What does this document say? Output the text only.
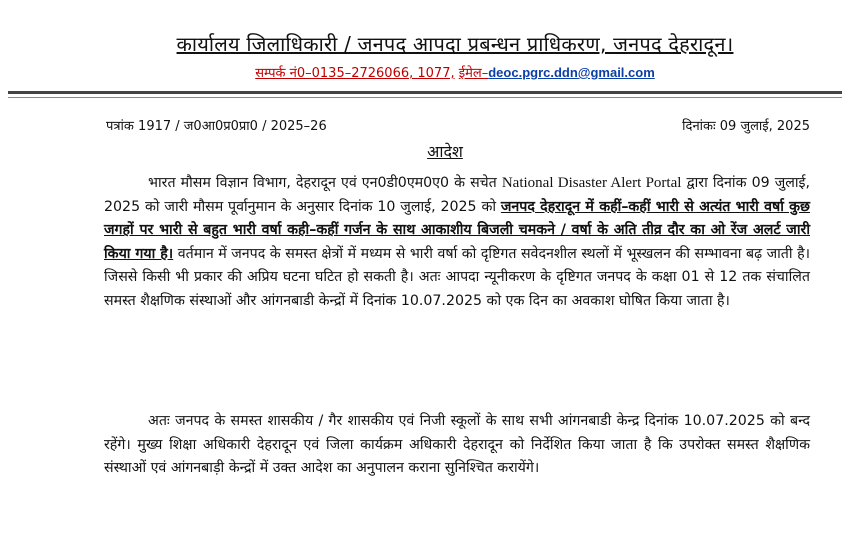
कार्यालय जिलाधिकारी / जनपद आपदा प्रबन्धन प्राधिकरण, जनपद देहरादून।
सम्पर्क नं0–0135–2726066, 1077, ईमेल–deoc.pgrc.ddn@gmail.com
पत्रांक 1917 / ज0आ0प्र0प्रा0 / 2025–26	दिनांकः 09 जुलाई, 2025
आदेश
भारत मौसम विज्ञान विभाग, देहरादून एवं एन0डी0एम0ए0 के सचेत National Disaster Alert Portal द्वारा दिनांक 09 जुलाई, 2025 को जारी मौसम पूर्वानुमान के अनुसार दिनांक 10 जुलाई, 2025 को जनपद देहरादून में कहीं–कहीं भारी से अत्यंत भारी वर्षा कुछ जगहों पर भारी से बहुत भारी वर्षा कही–कहीं गर्जन के साथ आकाशीय बिजली चमकने / वर्षा के अति तीव्र दौर का ओ रेंज अलर्ट जारी किया गया है। वर्तमान में जनपद के समस्त क्षेत्रों में मध्यम से भारी वर्षा को दृष्टिगत सवेदनशील स्थलों में भूस्खलन की सम्भावना बढ़ जाती है। जिससे किसी भी प्रकार की अप्रिय घटना घटित हो सकती है। अतः आपदा न्यूनीकरण के दृष्टिगत जनपद के कक्षा 01 से 12 तक संचालित समस्त शैक्षणिक संस्थाओं और आंगनबाडी केन्द्रों में दिनांक 10.07.2025 को एक दिन का अवकाश घोषित किया जाता है।
अतः जनपद के समस्त शासकीय / गैर शासकीय एवं निजी स्कूलों के साथ सभी आंगनबाडी केन्द्र दिनांक 10.07.2025 को बन्द रहेंगे। मुख्य शिक्षा अधिकारी देहरादून एवं जिला कार्यक्रम अधिकारी देहरादून को निर्देशित किया जाता है कि उपरोक्त समस्त शैक्षणिक संस्थाओं एवं आंगनबाड़ी केन्द्रों में उक्त आदेश का अनुपालन कराना सुनिश्चित करायेंगे।
